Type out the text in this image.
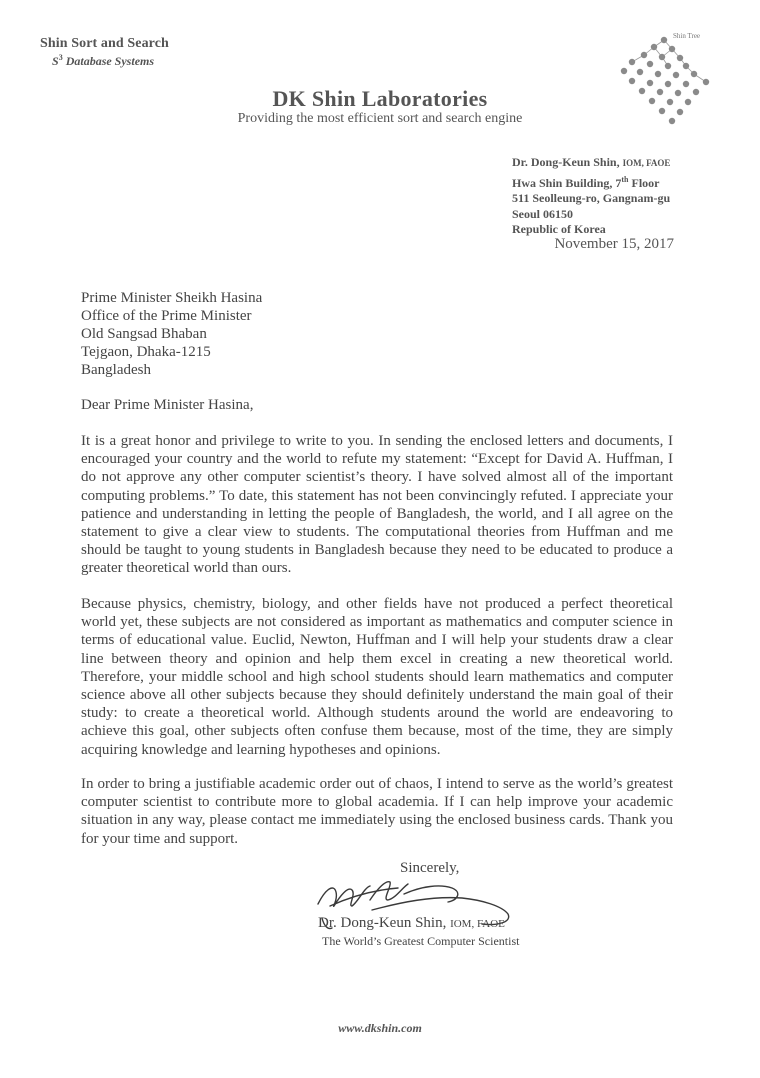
Shin Sort and Search
$S^3$ Database Systems
Shin Tree
DK Shin Laboratories
Providing the most efficient sort and search engine
Dr. Dong-Keun Shin, IOM, FAOE
Hwa Shin Building, 7th Floor
511 Seolleung-ro, Gangnam-gu
Seoul 06150
Republic of Korea
November 15, 2017
Prime Minister Sheikh Hasina
Office of the Prime Minister
Old Sangsad Bhaban
Tejgaon, Dhaka-1215
Bangladesh
Dear Prime Minister Hasina,
It is a great honor and privilege to write to you. In sending the enclosed letters and documents, I encouraged your country and the world to refute my statement: “Except for David A. Huffman, I do not approve any other computer scientist’s theory. I have solved almost all of the important computing problems.” To date, this statement has not been convincingly refuted. I appreciate your patience and understanding in letting the people of Bangladesh, the world, and I all agree on the statement to give a clear view to students. The computational theories from Huffman and me should be taught to young students in Bangladesh because they need to be educated to produce a greater theoretical world than ours.
Because physics, chemistry, biology, and other fields have not produced a perfect theoretical world yet, these subjects are not considered as important as mathematics and computer science in terms of educational value. Euclid, Newton, Huffman and I will help your students draw a clear line between theory and opinion and help them excel in creating a new theoretical world. Therefore, your middle school and high school students should learn mathematics and computer science above all other subjects because they should definitely understand the main goal of their study: to create a theoretical world. Although students around the world are endeavoring to achieve this goal, other subjects often confuse them because, most of the time, they are simply acquiring knowledge and learning hypotheses and opinions.
In order to bring a justifiable academic order out of chaos, I intend to serve as the world’s greatest computer scientist to contribute more to global academia. If I can help improve your academic situation in any way, please contact me immediately using the enclosed business cards. Thank you for your time and support.
Sincerely,
Dr. Dong-Keun Shin, IOM, FAOE
The World’s Greatest Computer Scientist
www.dkshin.com
